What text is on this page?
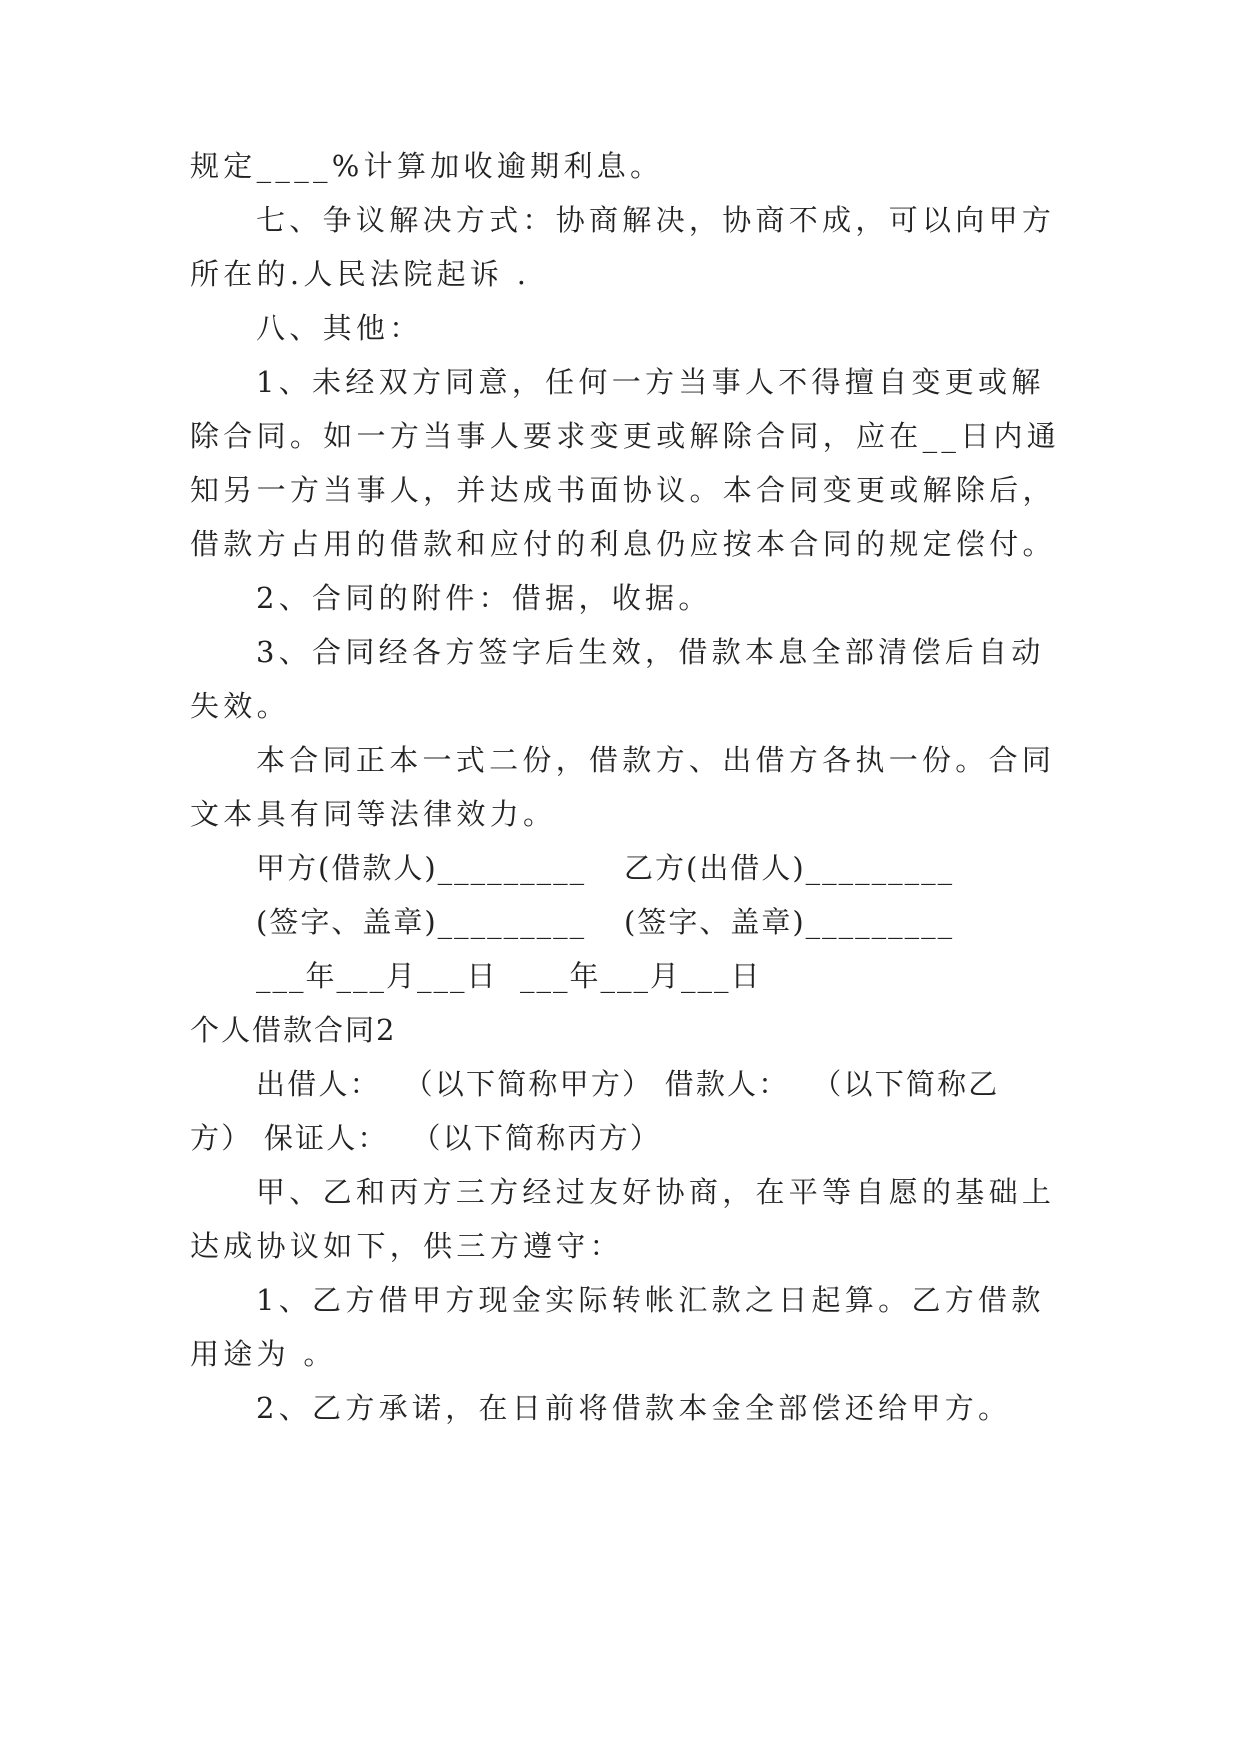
规定____%计算加收逾期利息。

七、争议解决方式：协商解决，协商不成，可以向甲方

所在的.人民法院起诉 .

八、其他：

1、未经双方同意，任何一方当事人不得擅自变更或解

除合同。如一方当事人要求变更或解除合同，应在__日内通

知另一方当事人，并达成书面协议。本合同变更或解除后，

借款方占用的借款和应付的利息仍应按本合同的规定偿付。

2、合同的附件：借据，收据。

3、合同经各方签字后生效，借款本息全部清偿后自动

失效。

本合同正本一式二份，借款方、出借方各执一份。合同

文本具有同等法律效力。

甲方(借款人)_________ 乙方(出借人)_________
(签字、盖章)_________ (签字、盖章)_________
___年___月___日 ___年___月___日

个人借款合同2

出借人：  （以下简称甲方） 借款人：  （以下简称乙

方） 保证人：  （以下简称丙方）

甲、乙和丙方三方经过友好协商，在平等自愿的基础上

达成协议如下，供三方遵守：

1、乙方借甲方现金实际转帐汇款之日起算。乙方借款

用途为 。

2、乙方承诺，在日前将借款本金全部偿还给甲方。
